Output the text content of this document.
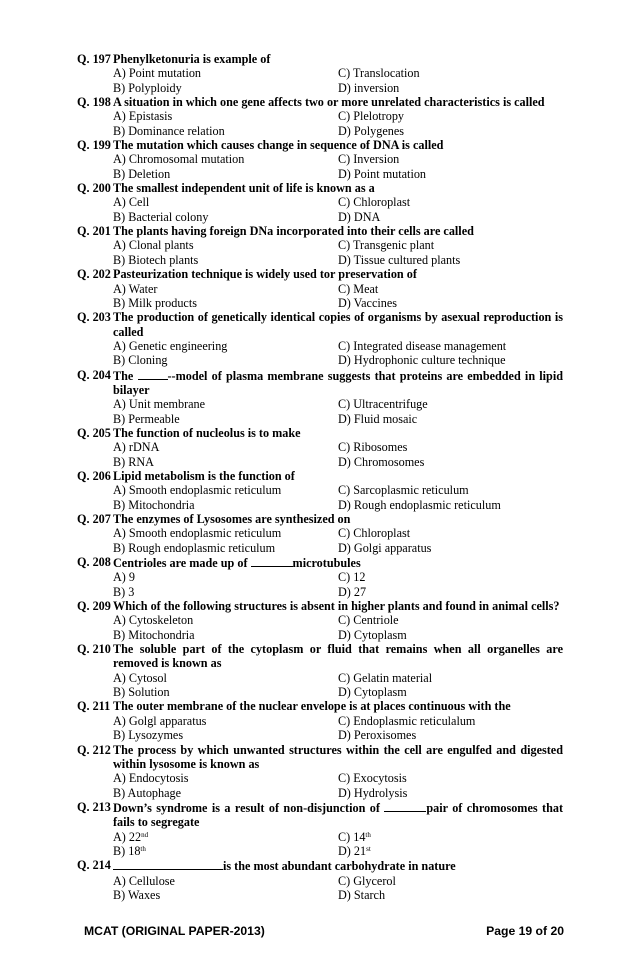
Q. 197 Phenylketonuria is example of
A) Point mutation	C) Translocation
B) Polyploidy	D) inversion
Q. 198 A situation in which one gene affects two or more unrelated characteristics is called
A) Epistasis	C) Plelotropy
B) Dominance relation	D) Polygenes
Q. 199 The mutation which causes change in sequence of DNA is called
A) Chromosomal mutation	C) Inversion
B) Deletion	D) Point mutation
Q. 200 The smallest independent unit of life is known as a
A) Cell	C) Chloroplast
B) Bacterial colony	D) DNA
Q. 201 The plants having foreign DNa incorporated into their cells are called
A) Clonal plants	C) Transgenic plant
B) Biotech plants	D) Tissue cultured plants
Q. 202 Pasteurization technique is widely used tor preservation of
A) Water	C) Meat
B) Milk products	D) Vaccines
Q. 203 The production of genetically identical copies of organisms by asexual reproduction is called
A) Genetic engineering	C) Integrated disease management
B) Cloning	D) Hydrophonic culture technique
Q. 204 The --model of plasma membrane suggests that proteins are embedded in lipid bilayer
A) Unit membrane	C) Ultracentrifuge
B) Permeable	D) Fluid mosaic
Q. 205 The function of nucleolus is to make
A) rDNA	C) Ribosomes
B) RNA	D) Chromosomes
Q. 206 Lipid metabolism is the function of
A) Smooth endoplasmic reticulum	C) Sarcoplasmic reticulum
B) Mitochondria	D) Rough endoplasmic reticulum
Q. 207 The enzymes of Lysosomes are synthesized on
A) Smooth endoplasmic reticulum	C) Chloroplast
B) Rough endoplasmic reticulum	D) Golgi apparatus
Q. 208 Centrioles are made up of	microtubules
A) 9	C) 12
B) 3	D) 27
Q. 209 Which of the following structures is absent in higher plants and found in animal cells?
A) Cytoskeleton	C) Centriole
B) Mitochondria	D) Cytoplasm
Q. 210 The soluble part of the cytoplasm or fluid that remains when all organelles are removed is known as
A) Cytosol	C) Gelatin material
B) Solution	D) Cytoplasm
Q. 211 The outer membrane of the nuclear envelope is at places continuous with the
A) Golgl apparatus	C) Endoplasmic reticulalum
B) Lysozymes	D) Peroxisomes
Q. 212 The process by which unwanted structures within the cell are engulfed and digested within lysosome is known as
A) Endocytosis	C) Exocytosis
B) Autophage	D) Hydrolysis
Q. 213 Down’s syndrome is a result of non-disjunction of	pair of chromosomes that fails to segregate
A) 22nd	C) 14th
B) 18th	D) 21st
Q. 214	is the most abundant carbohydrate in nature
A) Cellulose	C) Glycerol
B) Waxes	D) Starch
MCAT (ORIGINAL PAPER-2013)	Page 19 of 20
